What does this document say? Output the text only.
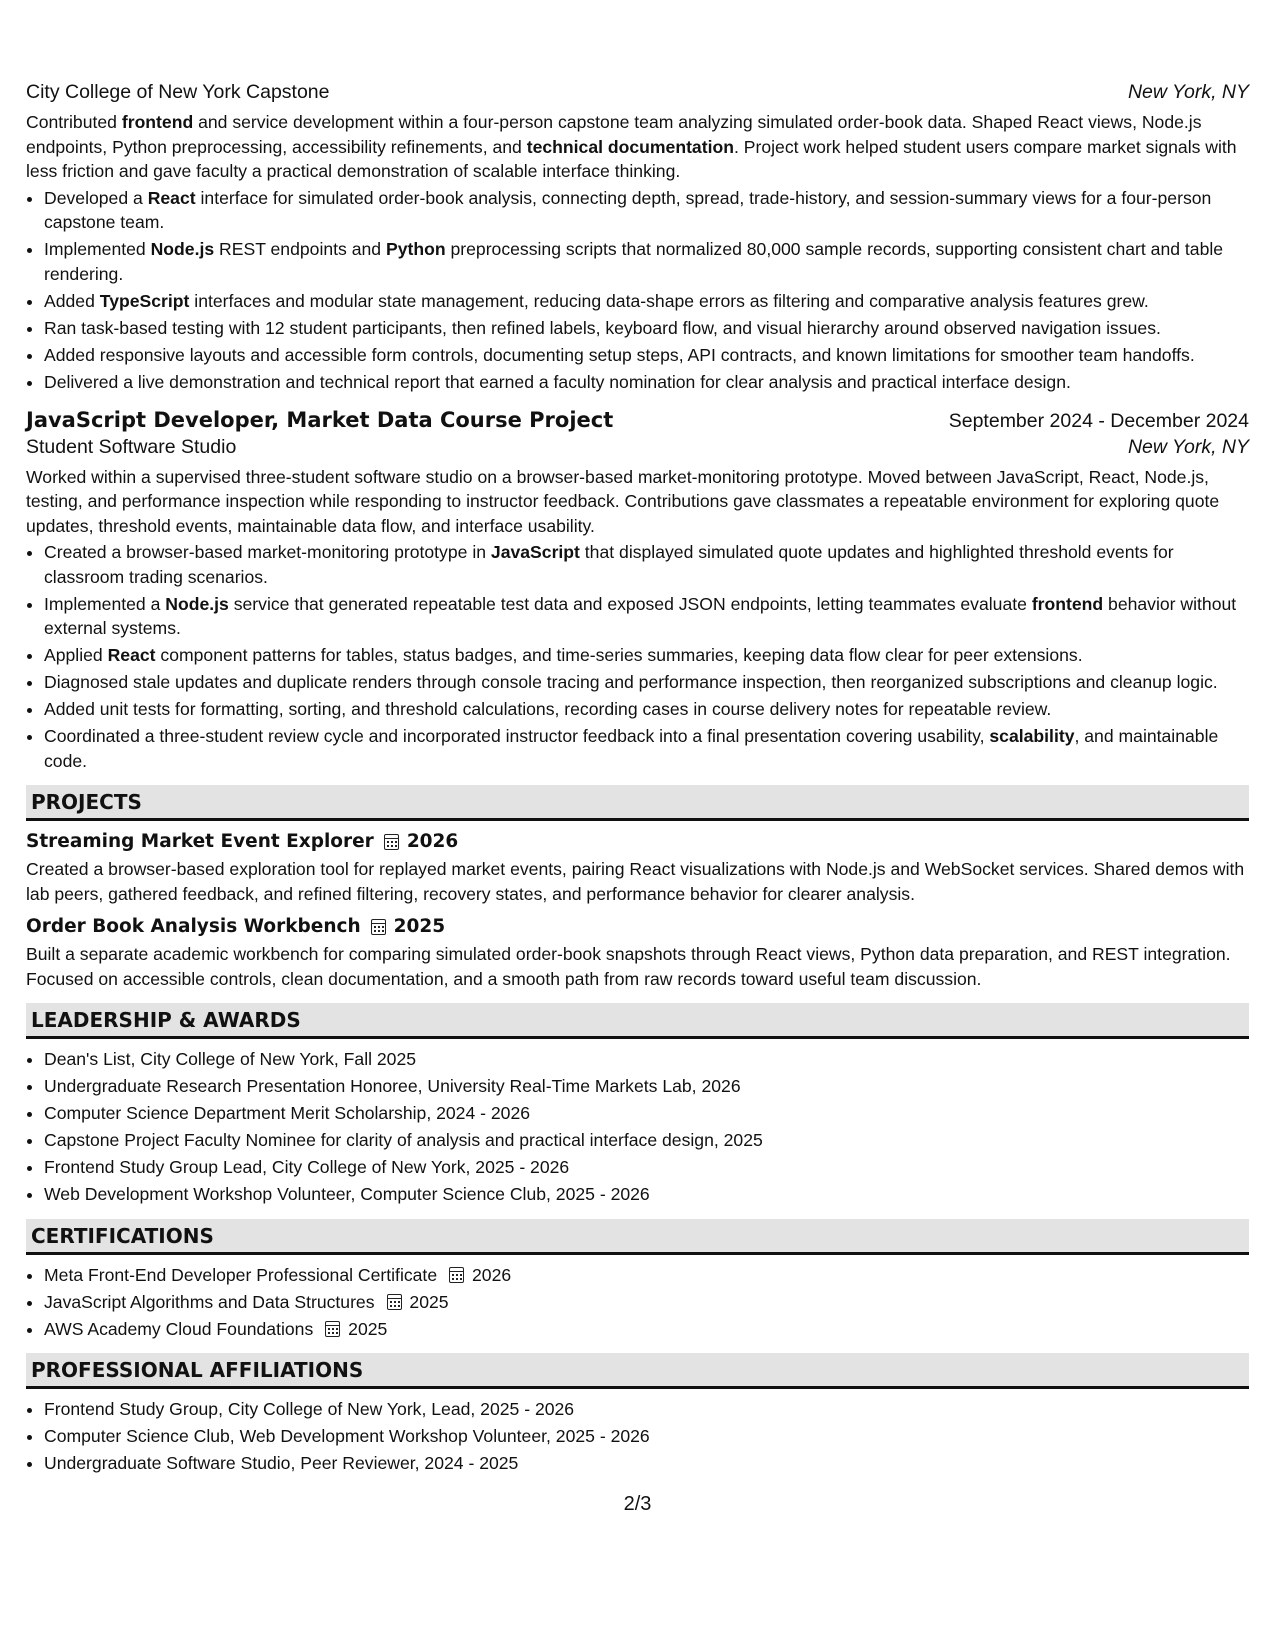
City College of New York Capstone	New York, NY

Contributed frontend and service development within a four-person capstone team analyzing simulated order-book data. Shaped React views, Node.js endpoints, Python preprocessing, accessibility refinements, and technical documentation. Project work helped student users compare market signals with less friction and gave faculty a practical demonstration of scalable interface thinking.

• Developed a React interface for simulated order-book analysis, connecting depth, spread, trade-history, and session-summary views for a four-person capstone team.
• Implemented Node.js REST endpoints and Python preprocessing scripts that normalized 80,000 sample records, supporting consistent chart and table rendering.
• Added TypeScript interfaces and modular state management, reducing data-shape errors as filtering and comparative analysis features grew.
• Ran task-based testing with 12 student participants, then refined labels, keyboard flow, and visual hierarchy around observed navigation issues.
• Added responsive layouts and accessible form controls, documenting setup steps, API contracts, and known limitations for smoother team handoffs.
• Delivered a live demonstration and technical report that earned a faculty nomination for clear analysis and practical interface design.
JavaScript Developer, Market Data Course Project	September 2024 - December 2024
Student Software Studio	New York, NY

Worked within a supervised three-student software studio on a browser-based market-monitoring prototype. Moved between JavaScript, React, Node.js, testing, and performance inspection while responding to instructor feedback. Contributions gave classmates a repeatable environment for exploring quote updates, threshold events, maintainable data flow, and interface usability.

• Created a browser-based market-monitoring prototype in JavaScript that displayed simulated quote updates and highlighted threshold events for classroom trading scenarios.
• Implemented a Node.js service that generated repeatable test data and exposed JSON endpoints, letting teammates evaluate frontend behavior without external systems.
• Applied React component patterns for tables, status badges, and time-series summaries, keeping data flow clear for peer extensions.
• Diagnosed stale updates and duplicate renders through console tracing and performance inspection, then reorganized subscriptions and cleanup logic.
• Added unit tests for formatting, sorting, and threshold calculations, recording cases in course delivery notes for repeatable review.
• Coordinated a three-student review cycle and incorporated instructor feedback into a final presentation covering usability, scalability, and maintainable code.
PROJECTS
Streaming Market Event Explorer 2026

Created a browser-based exploration tool for replayed market events, pairing React visualizations with Node.js and WebSocket services. Shared demos with lab peers, gathered feedback, and refined filtering, recovery states, and performance behavior for clearer analysis.

Order Book Analysis Workbench 2025

Built a separate academic workbench for comparing simulated order-book snapshots through React views, Python data preparation, and REST integration. Focused on accessible controls, clean documentation, and a smooth path from raw records toward useful team discussion.

LEADERSHIP & AWARDS
• Dean's List, City College of New York, Fall 2025
• Undergraduate Research Presentation Honoree, University Real-Time Markets Lab, 2026
• Computer Science Department Merit Scholarship, 2024 - 2026
• Capstone Project Faculty Nominee for clarity of analysis and practical interface design, 2025
• Frontend Study Group Lead, City College of New York, 2025 - 2026
• Web Development Workshop Volunteer, Computer Science Club, 2025 - 2026
CERTIFICATIONS
• Meta Front-End Developer Professional Certificate 2026
• JavaScript Algorithms and Data Structures 2025
• AWS Academy Cloud Foundations 2025
PROFESSIONAL AFFILIATIONS
• Frontend Study Group, City College of New York, Lead, 2025 - 2026
• Computer Science Club, Web Development Workshop Volunteer, 2025 - 2026
• Undergraduate Software Studio, Peer Reviewer, 2024 - 2025
2/3
